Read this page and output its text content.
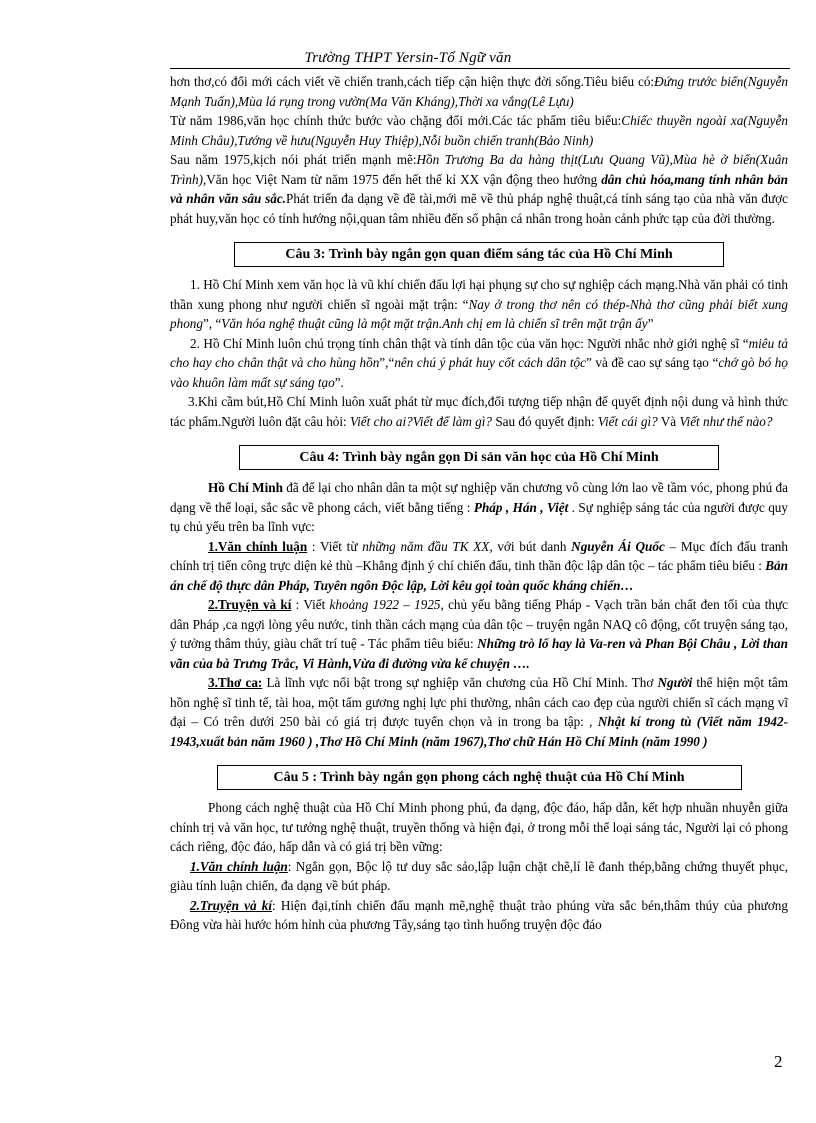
Trường THPT Yersin-Tổ Ngữ văn

hơn thơ,có đổi mới cách viết về chiến tranh,cách tiếp cận hiện thực đời sống.Tiêu biểu có:Đứng trước biển(Nguyễn Mạnh Tuấn),Mùa lá rụng trong vườn(Ma Văn Kháng),Thời xa vắng(Lê Lựu)

Từ năm 1986,văn học chính thức bước vào chặng đổi mới.Các tác phẩm tiêu biểu:Chiếc thuyền ngoài xa(Nguyễn Minh Châu),Tướng về hưu(Nguyễn Huy Thiệp),Nỗi buồn chiến tranh(Bảo Ninh)

Sau năm 1975,kịch nói phát triển mạnh mẽ:Hồn Trương Ba da hàng thịt(Lưu Quang Vũ),Mùa hè ở biển(Xuân Trình),Văn học Việt Nam từ năm 1975 đến hết thế kỉ XX vận động theo hướng dân chủ hóa,mang tính nhân bản và nhân văn sâu sắc.Phát triển đa dạng về đề tài,mới mẽ về thủ pháp nghệ thuật,cá tính sáng tạo của nhà văn được phát huy,văn học có tính hướng nội,quan tâm nhiều đến số phận cá nhân trong hoàn cảnh phức tạp của đời thường.

Câu 3: Trình bày ngắn gọn quan điểm sáng tác của Hồ Chí Minh

1. Hồ Chí Minh xem văn học là vũ khí chiến đấu lợi hại phụng sự cho sự nghiệp cách mạng.Nhà văn phải có tinh thần xung phong như người chiến sĩ ngoài mặt trận: “Nay ở trong thơ nên có thép-Nhà thơ cũng phải biết xung phong”, “Văn hóa nghệ thuật cũng là một mặt trận.Anh chị em là chiến sĩ trên mặt trận ấy”

2. Hồ Chí Minh luôn chú trọng tính chân thật và tính dân tộc của văn học: Người nhắc nhở giới nghệ sĩ “miêu tả cho hay cho chân thật và cho hùng hồn”,“nên chú ý phát huy cốt cách dân tộc” và đề cao sự sáng tạo “chớ gò bó họ vào khuôn làm mất sự sáng tạo”.

3.Khi cầm bút,Hồ Chí Minh luôn xuất phát từ mục đích,đối tượng tiếp nhận để quyết định nội dung và hình thức tác phẩm.Người luôn đặt câu hỏi: Viết cho ai?Viết để làm gì? Sau đó quyết định: Viết cái gì? Và Viết như thế nào?

Câu 4: Trình bày ngắn gọn Di sản văn học của Hồ Chí Minh

Hồ Chí Minh đã để lại cho nhân dân ta một sự nghiệp văn chương vô cùng lớn lao về tầm vóc, phong phú đa dạng về thể loại, sắc sắc về phong cách, viết bằng tiếng : Pháp , Hán , Việt . Sự nghiệp sáng tác của người được quy tụ chủ yếu trên ba lĩnh vực:

1.Văn chính luận : Viết từ những năm đầu TK XX, với bút danh Nguyễn Ái Quốc – Mục đích đấu tranh chính trị tiến công trực diện kẻ thù –Khẳng định ý chí chiến đấu, tinh thần độc lập dân tộc – tác phẩm tiêu biểu : Bản án chế độ thực dân Pháp, Tuyên ngôn Độc lập, Lời kêu gọi toàn quốc kháng chiến…

2.Truyện và kí : Viết khoảng 1922 – 1925, chủ yếu bằng tiếng Pháp - Vạch trần bản chất đen tối của thực dân Pháp ,ca ngợi lòng yêu nước, tinh thần cách mạng của dân tộc – truyện ngắn NAQ cô động, cốt truyện sáng tạo, ý tưởng thâm thúy, giàu chất trí tuệ - Tác phẩm tiêu biểu: Những trò lố hay là Va-ren và Phan Bội Châu , Lời than vãn của bà Trưng Trắc, Vi Hành,Vừa đi đường vừa kể chuyện ….

3.Thơ ca: Là lĩnh vực nổi bật trong sự nghiệp văn chương của Hồ Chí Minh. Thơ Người thể hiện một tâm hồn nghệ sĩ tinh tế, tài hoa, một tấm gương nghị lực phi thường, nhân cách cao đẹp của người chiến sĩ cách mạng vĩ đại – Có trên dưới 250 bài có giá trị được tuyển chọn và in trong ba tập: , Nhật kí trong tù (Viết năm 1942-1943,xuất bản năm 1960 ) ,Thơ Hồ Chí Minh (năm 1967),Thơ chữ Hán Hồ Chí Minh (năm 1990 )

Câu 5 : Trình bày ngắn gọn phong cách nghệ thuật của Hồ Chí Minh

Phong cách nghệ thuật của Hồ Chí Minh phong phú, đa dạng, độc đáo, hấp dẫn, kết hợp nhuần nhuyễn giữa chính trị và văn học, tư tưởng nghệ thuật, truyền thống và hiện đại, ở trong mỗi thể loại sáng tác, Người lại có phong cách riêng, độc đáo, hấp dẫn và có giá trị bền vững:

1.Văn chính luận: Ngắn gọn, Bộc lộ tư duy sắc sảo,lập luận chặt chẽ,lí lẽ đanh thép,bằng chứng thuyết phục, giàu tính luận chiến, đa dạng về bút pháp.

2.Truyện và kí: Hiện đại,tính chiến đấu mạnh mẽ,nghệ thuật trào phúng vừa sắc bén,thâm thúy của phương Đông vừa hài hước hóm hỉnh của phương Tây,sáng tạo tình huống truyện độc đáo

2
